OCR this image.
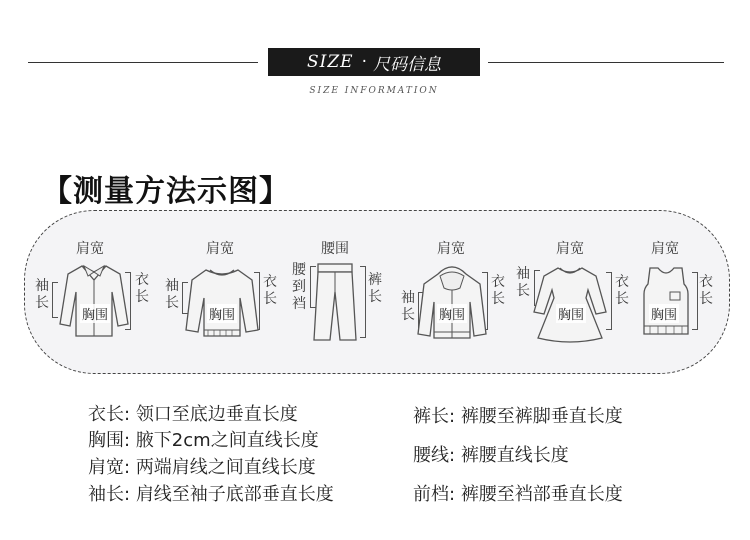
SIZE · 尺码信息
SIZE INFORMATION
【测量方法示图】
肩宽
袖
长
衣
长
胸围
肩宽
袖
长
衣
长
胸围
腰围
腰
到
裆
裤
长
肩宽
袖
长
衣
长
胸围
肩宽
袖
长
衣
长
胸围
肩宽
衣
长
胸围
衣长: 领口至底边垂直长度
胸围: 腋下2cm之间直线长度
肩宽: 两端肩线之间直线长度
袖长: 肩线至袖子底部垂直长度
裤长: 裤腰至裤脚垂直长度
腰线: 裤腰直线长度
前档: 裤腰至裆部垂直长度
